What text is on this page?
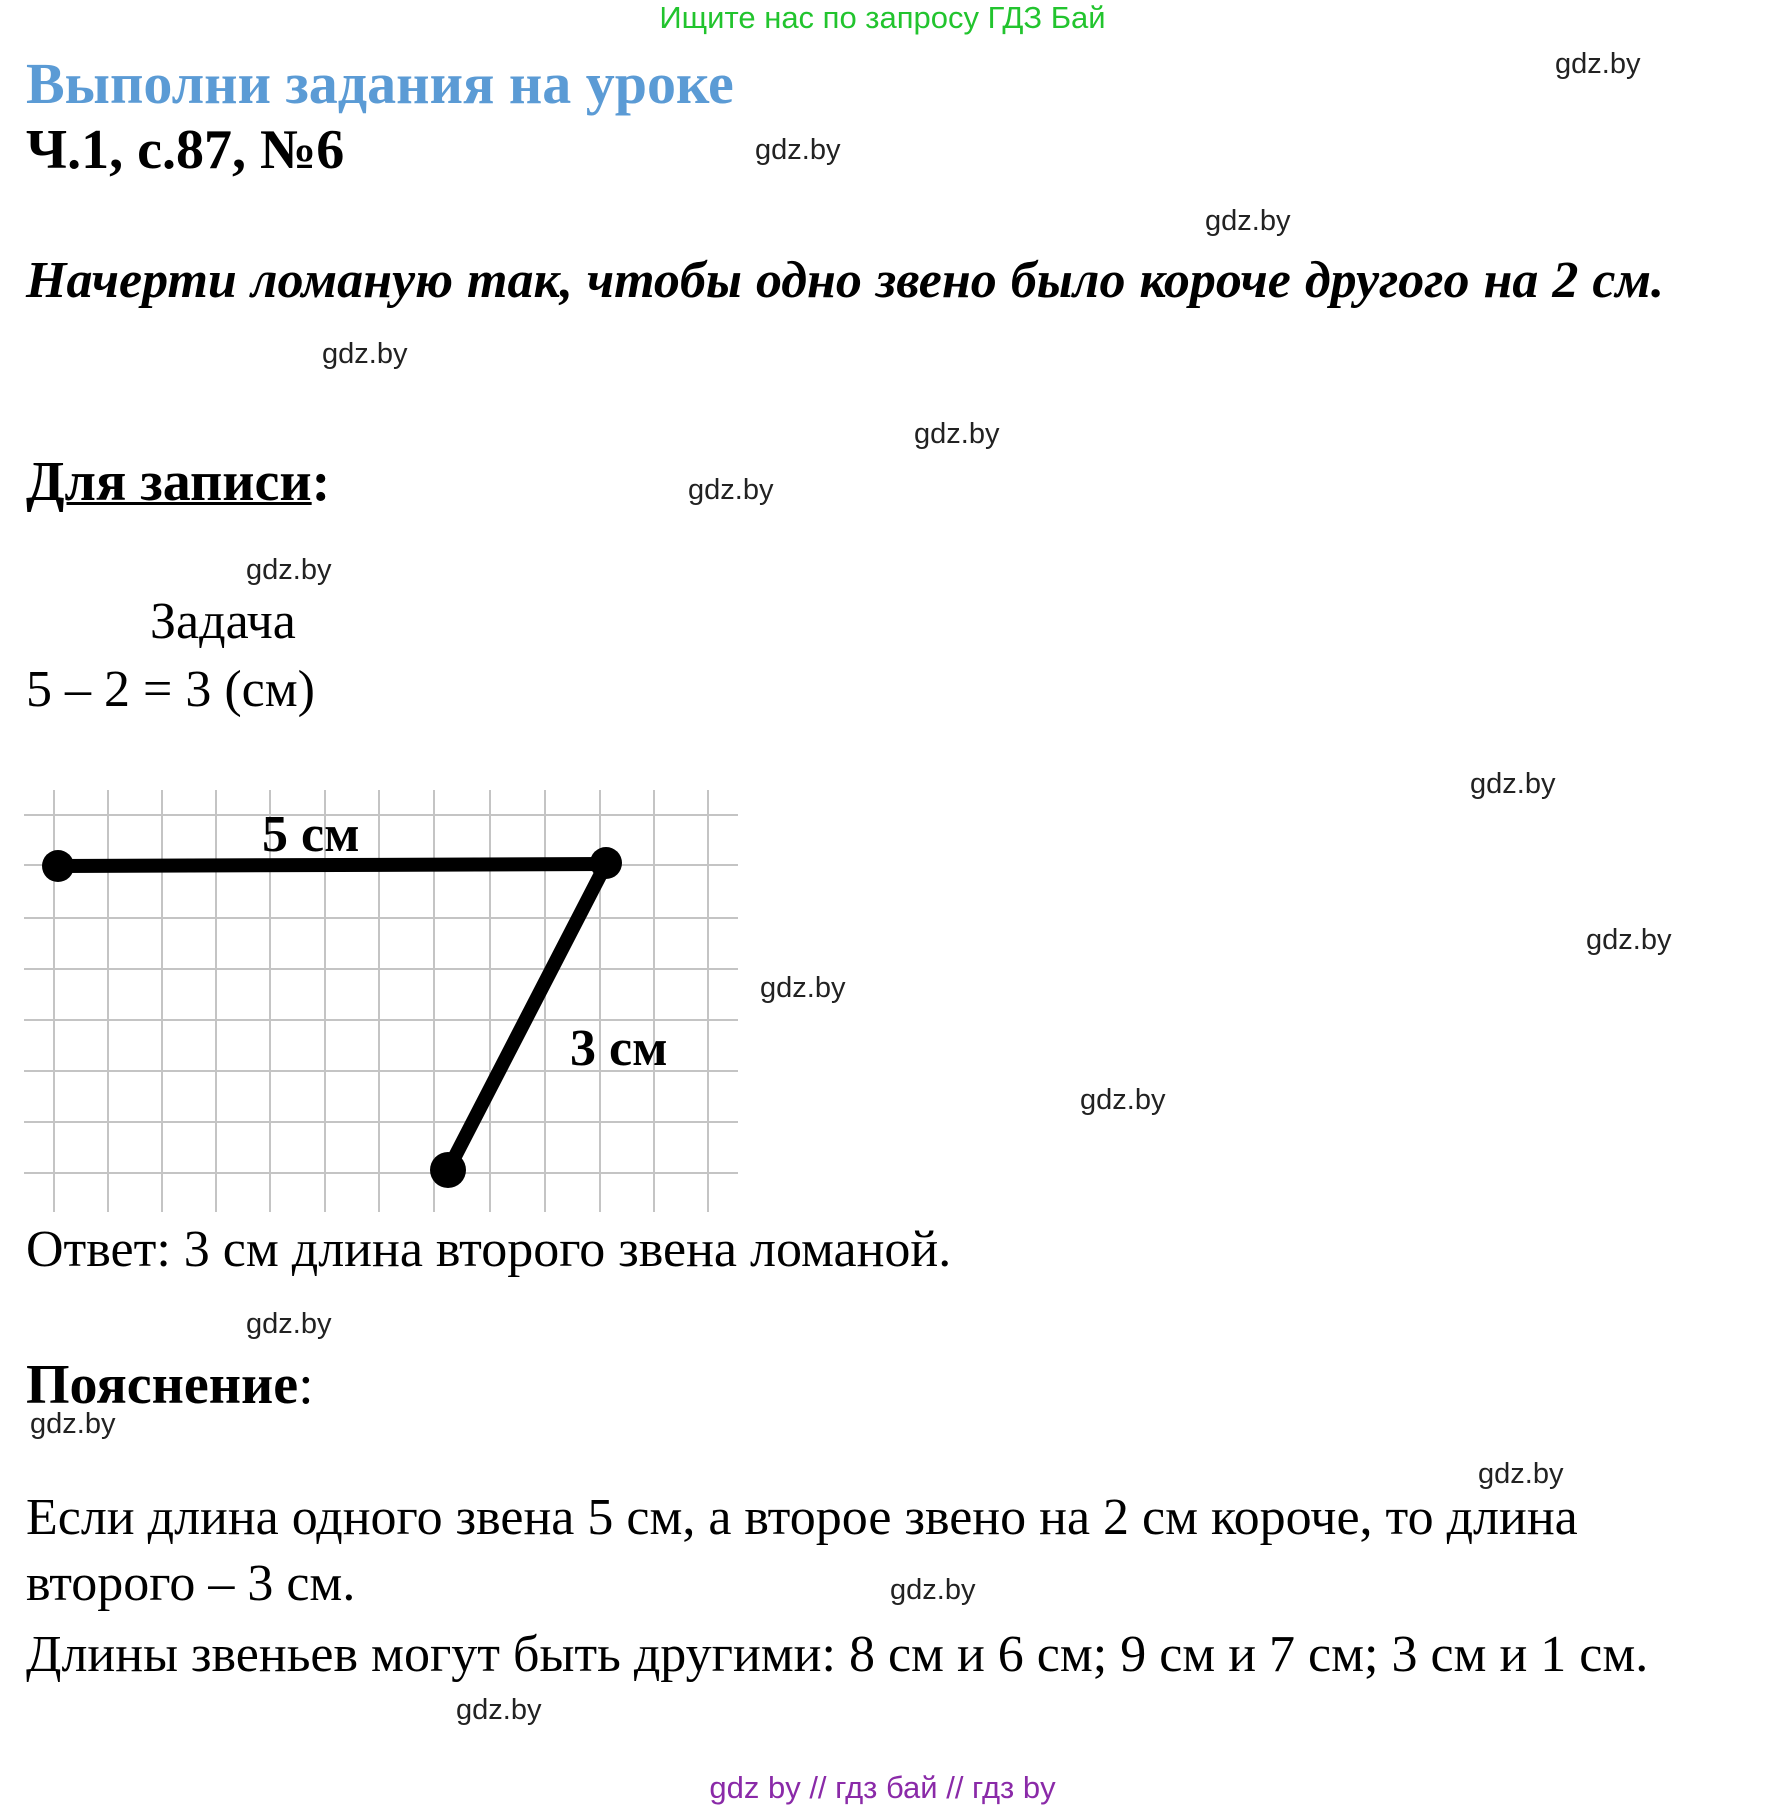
Ищите нас по запросу ГДЗ Бай
Выполни задания на уроке
Ч.1, с.87, №6
Начерти ломаную так, чтобы одно звено было короче другого на 2 см.
Для записи:
Задача
5 – 2 = 3 (см)
5 см
3 см
Ответ: 3 см длина второго звена ломаной.
Пояснение:
Если длина одного звена 5 см, а второе звено на 2 см короче, то длина второго – 3 см.
Длины звеньев могут быть другими: 8 см и 6 см; 9 см и 7 см; 3 см и 1 см.
gdz.by
gdz.by
gdz.by
gdz.by
gdz.by
gdz.by
gdz.by
gdz.by
gdz.by
gdz.by
gdz.by
gdz.by
gdz.by
gdz.by
gdz.by
gdz.by
gdz by // гдз бай // гдз by
